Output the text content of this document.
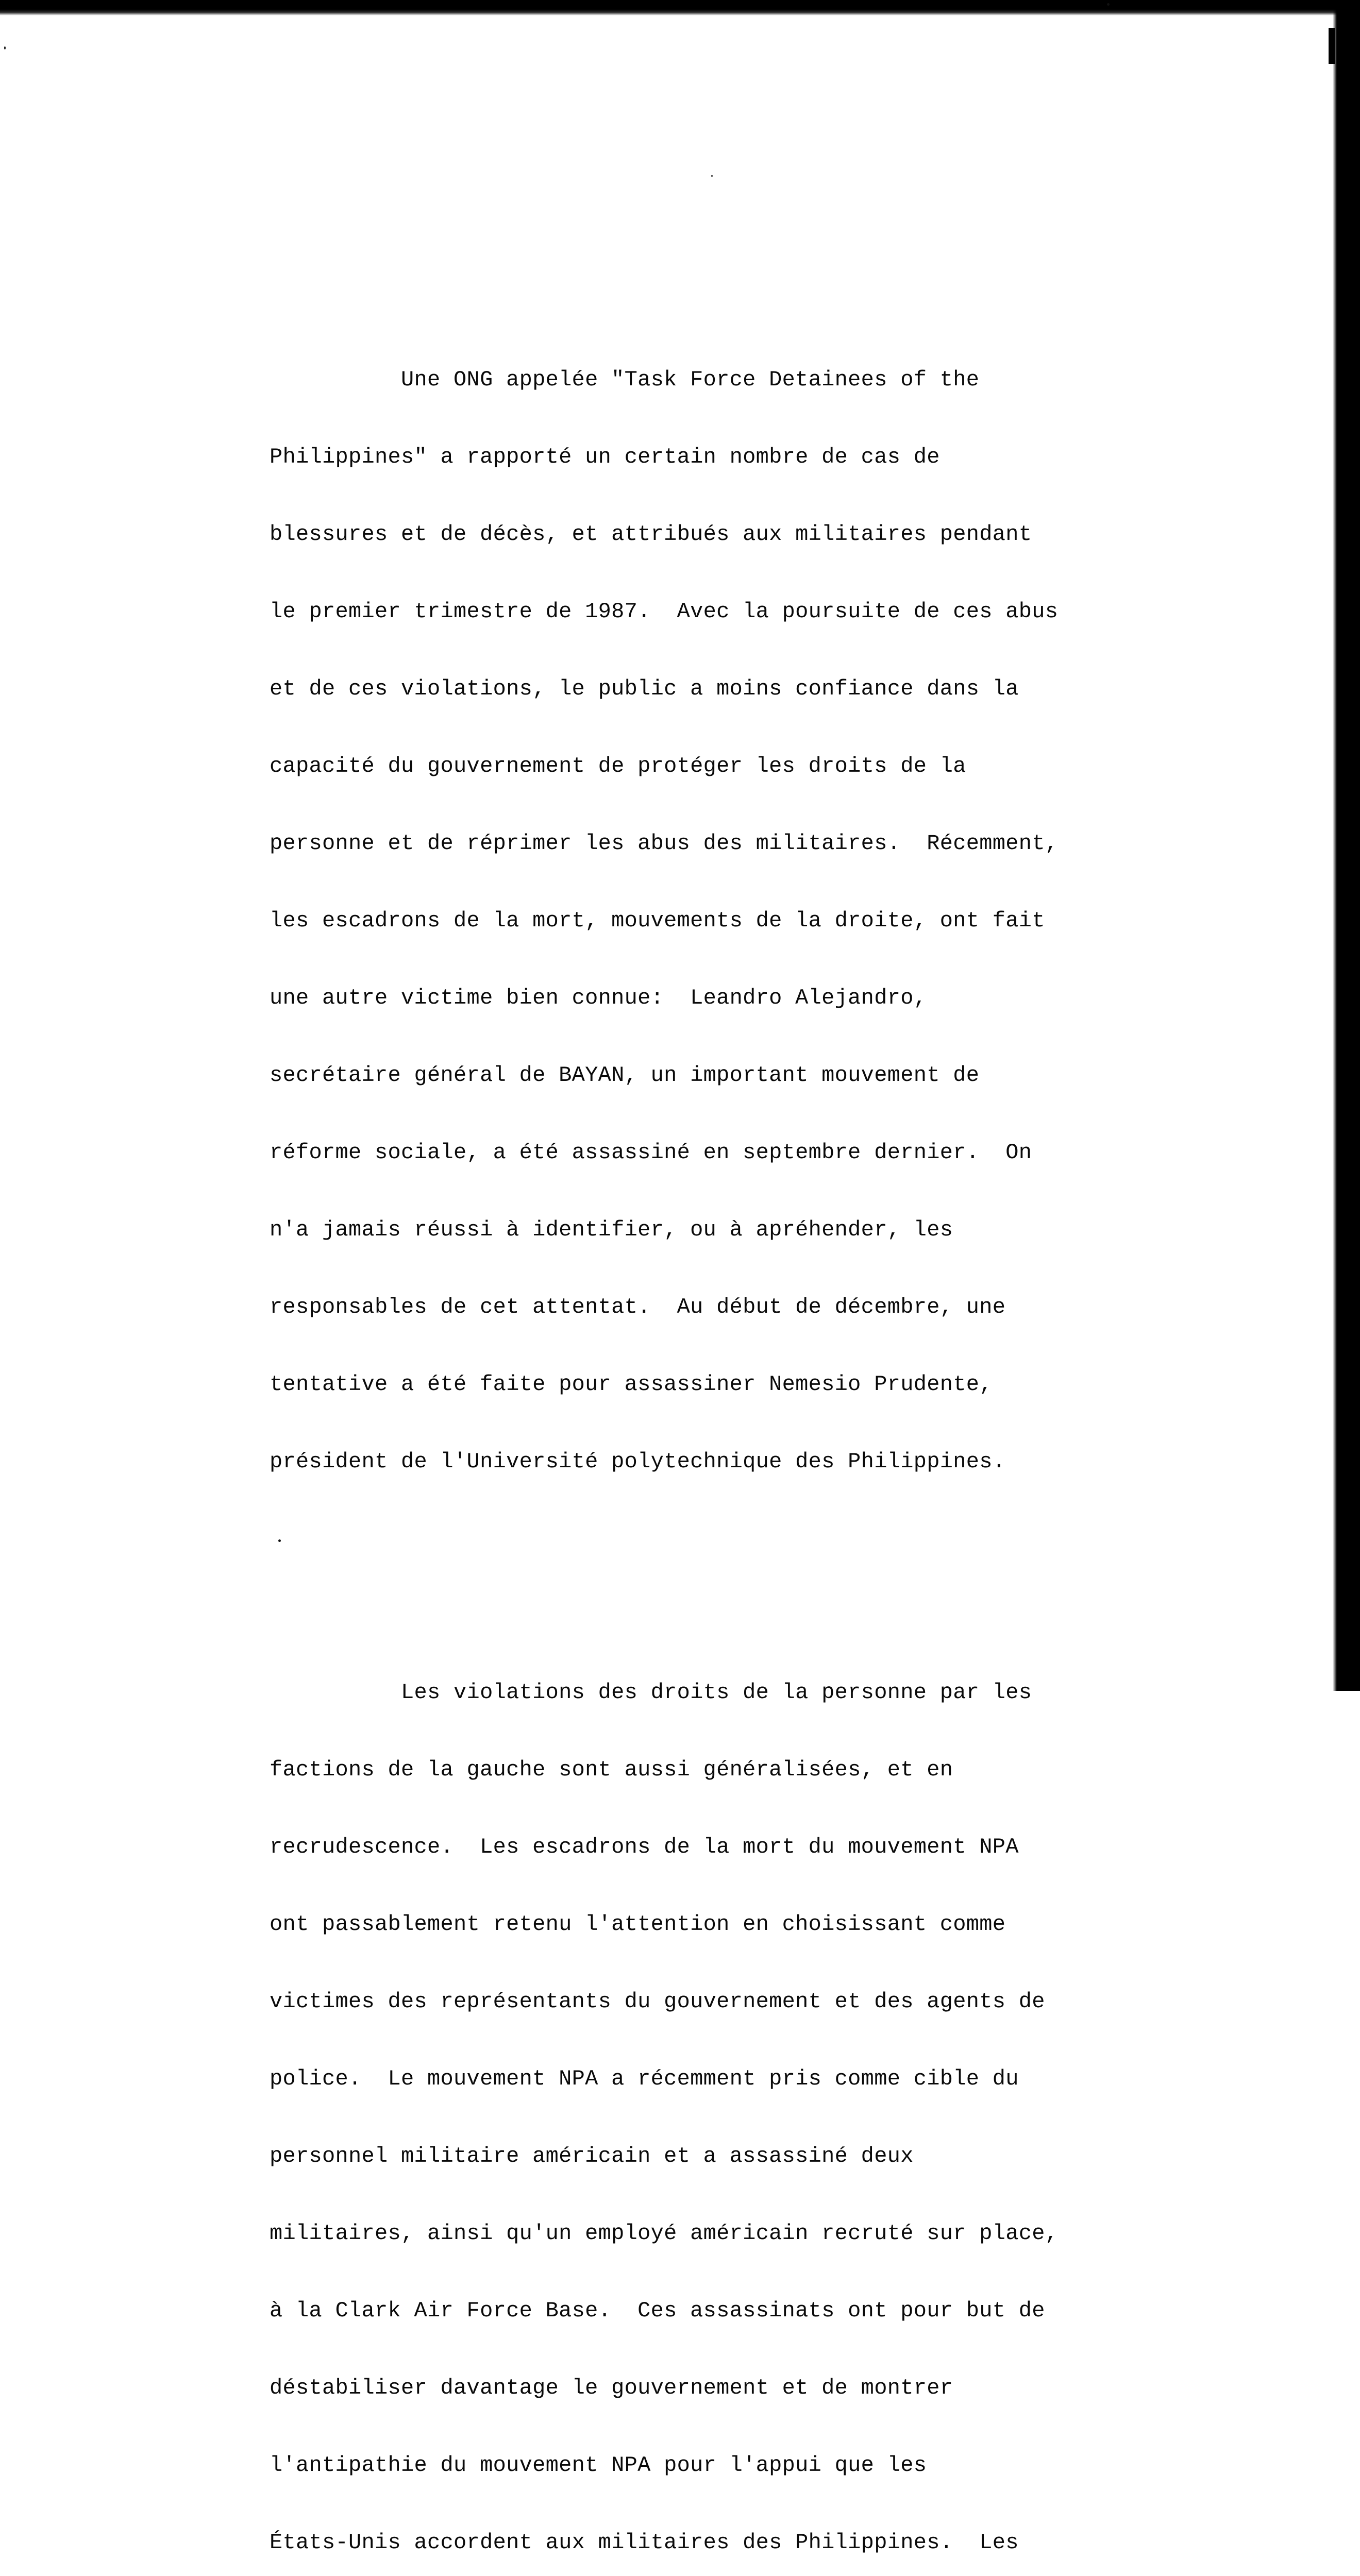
Une ONG appelée "Task Force Detainees of the

Philippines" a rapporté un certain nombre de cas de

blessures et de décès, et attribués aux militaires pendant

le premier trimestre de 1987.  Avec la poursuite de ces abus

et de ces violations, le public a moins confiance dans la

capacité du gouvernement de protéger les droits de la

personne et de réprimer les abus des militaires.  Récemment,

les escadrons de la mort, mouvements de la droite, ont fait

une autre victime bien connue:  Leandro Alejandro,

secrétaire général de BAYAN, un important mouvement de

réforme sociale, a été assassiné en septembre dernier.  On

n'a jamais réussi à identifier, ou à apréhender, les

responsables de cet attentat.  Au début de décembre, une

tentative a été faite pour assassiner Nemesio Prudente,

président de l'Université polytechnique des Philippines.

Les violations des droits de la personne par les

factions de la gauche sont aussi généralisées, et en

recrudescence.  Les escadrons de la mort du mouvement NPA

ont passablement retenu l'attention en choisissant comme

victimes des représentants du gouvernement et des agents de

police.  Le mouvement NPA a récemment pris comme cible du

personnel militaire américain et a assassiné deux

militaires, ainsi qu'un employé américain recruté sur place,

à la Clark Air Force Base.  Ces assassinats ont pour but de

déstabiliser davantage le gouvernement et de montrer

l'antipathie du mouvement NPA pour l'appui que les

États-Unis accordent aux militaires des Philippines.  Les
